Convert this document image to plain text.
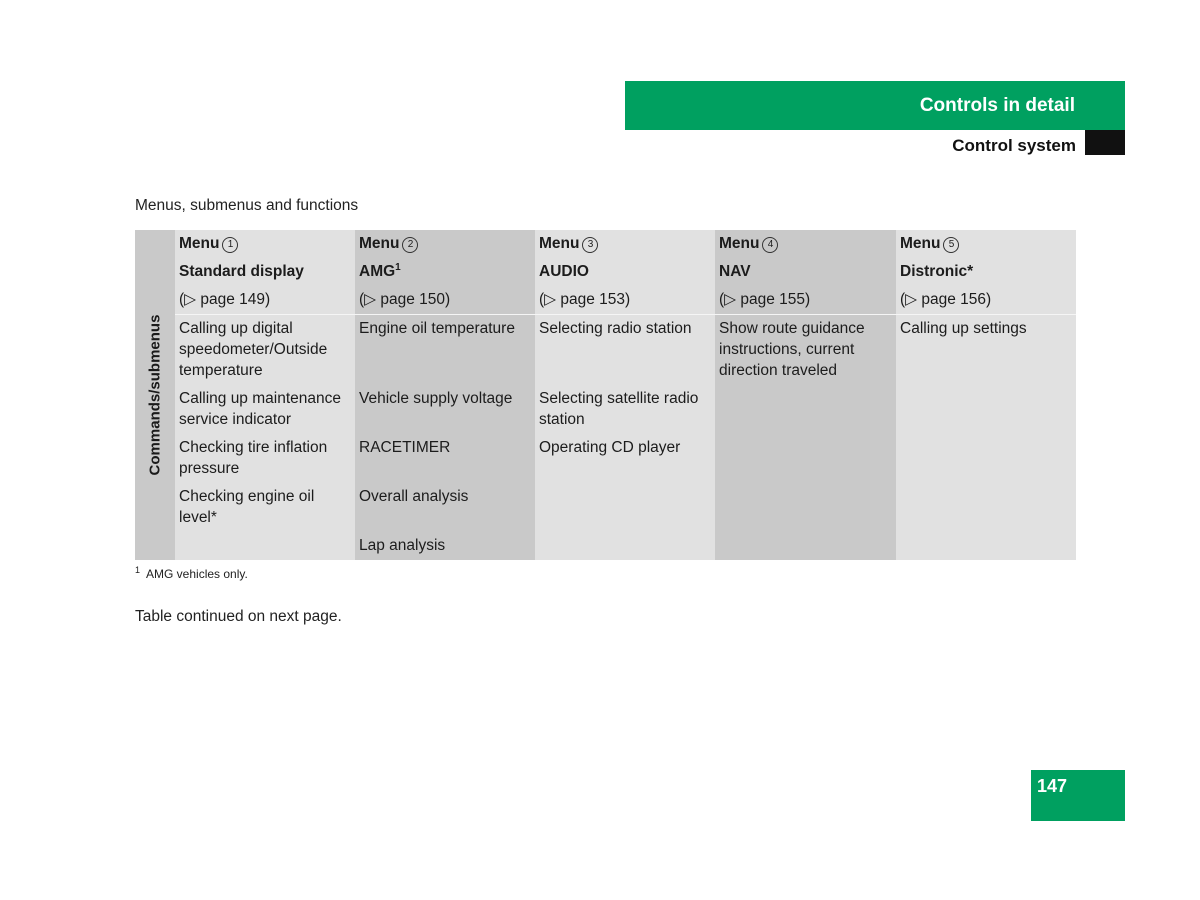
Controls in detail
Control system
Menus, submenus and functions
Commands/submenus	Menu 1	Menu 2	Menu 3	Menu 4	Menu 5
	Standard display	AMG$^1$	AUDIO	NAV	Distronic*
	(▷ page 149)	(▷ page 150)	(▷ page 153)	(▷ page 155)	(▷ page 156)
	Calling up digital speedometer/Outside temperature	Engine oil temperature	Selecting radio station	Show route guidance instructions, current direction traveled	Calling up settings
	Calling up maintenance service indicator	Vehicle supply voltage	Selecting satellite radio station		
	Checking tire inflation pressure	RACETIMER	Operating CD player		
	Checking engine oil level*	Overall analysis			
		Lap analysis			
$^1$ AMG vehicles only.
Table continued on next page.
147
